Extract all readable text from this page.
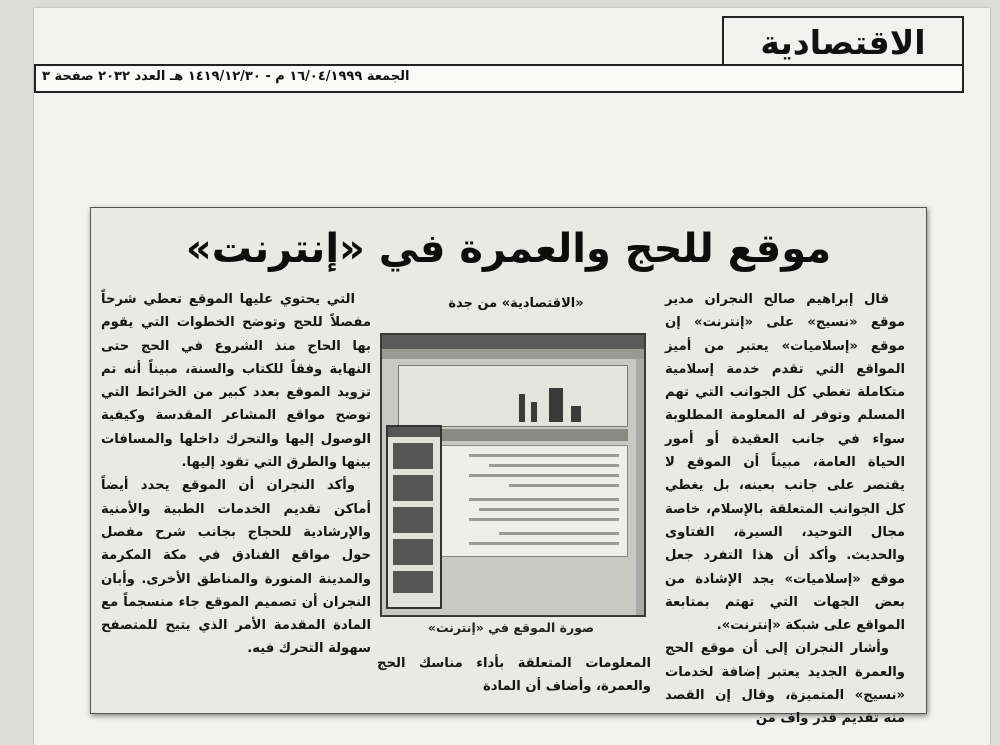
الاقتصادية
الجمعة ١٦/٠٤/١٩٩٩ م - ١٤١٩/١٢/٣٠ هـ العدد ٢٠٣٢ صفحة ٣
موقع للحج والعمرة في «إنترنت»

قال إبراهيم صالح النجران مدير موقع «نسيج» على «إنترنت» إن موقع «إسلاميات» يعتبر من أميز المواقع التي تقدم خدمة إسلامية متكاملة تغطي كل الجوانب التي تهم المسلم وتوفر له المعلومة المطلوبة سواء في جانب العقيدة أو أمور الحياة العامة، مبيناً أن الموقع لا يقتصر على جانب بعينه، بل يغطي كل الجوانب المتعلقة بالإسلام، خاصة مجال التوحيد، السيرة، الفتاوى والحديث. وأكد أن هذا التفرد جعل موقع «إسلاميات» يجد الإشادة من بعض الجهات التي تهتم بمتابعة المواقع على شبكة «إنترنت».

وأشار النجران إلى أن موقع الحج والعمرة الجديد يعتبر إضافة لخدمات «نسيج» المتميزة، وقال إن القصد منه تقديم قدر واف من

«الاقتصادية» من جدة
صورة الموقع في «إنترنت»
المعلومات المتعلقة بأداء مناسك الحج والعمرة، وأضاف أن المادة

التي يحتوي عليها الموقع تعطي شرحاً مفصلاً للحج وتوضح الخطوات التي يقوم بها الحاج منذ الشروع في الحج حتى النهاية وفقاً للكتاب والسنة، مبيناً أنه تم تزويد الموقع بعدد كبير من الخرائط التي توضح مواقع المشاعر المقدسة وكيفية الوصول إليها والتحرك داخلها والمسافات بينها والطرق التي تقود إليها.

وأكد النجران أن الموقع يحدد أيضاً أماكن تقديم الخدمات الطبية والأمنية والإرشادية للحجاج بجانب شرح مفصل حول مواقع الفنادق في مكة المكرمة والمدينة المنورة والمناطق الأخرى. وأبان النجران أن تصميم الموقع جاء منسجماً مع المادة المقدمة الأمر الذي يتيح للمتصفح سهولة التحرك فيه.
